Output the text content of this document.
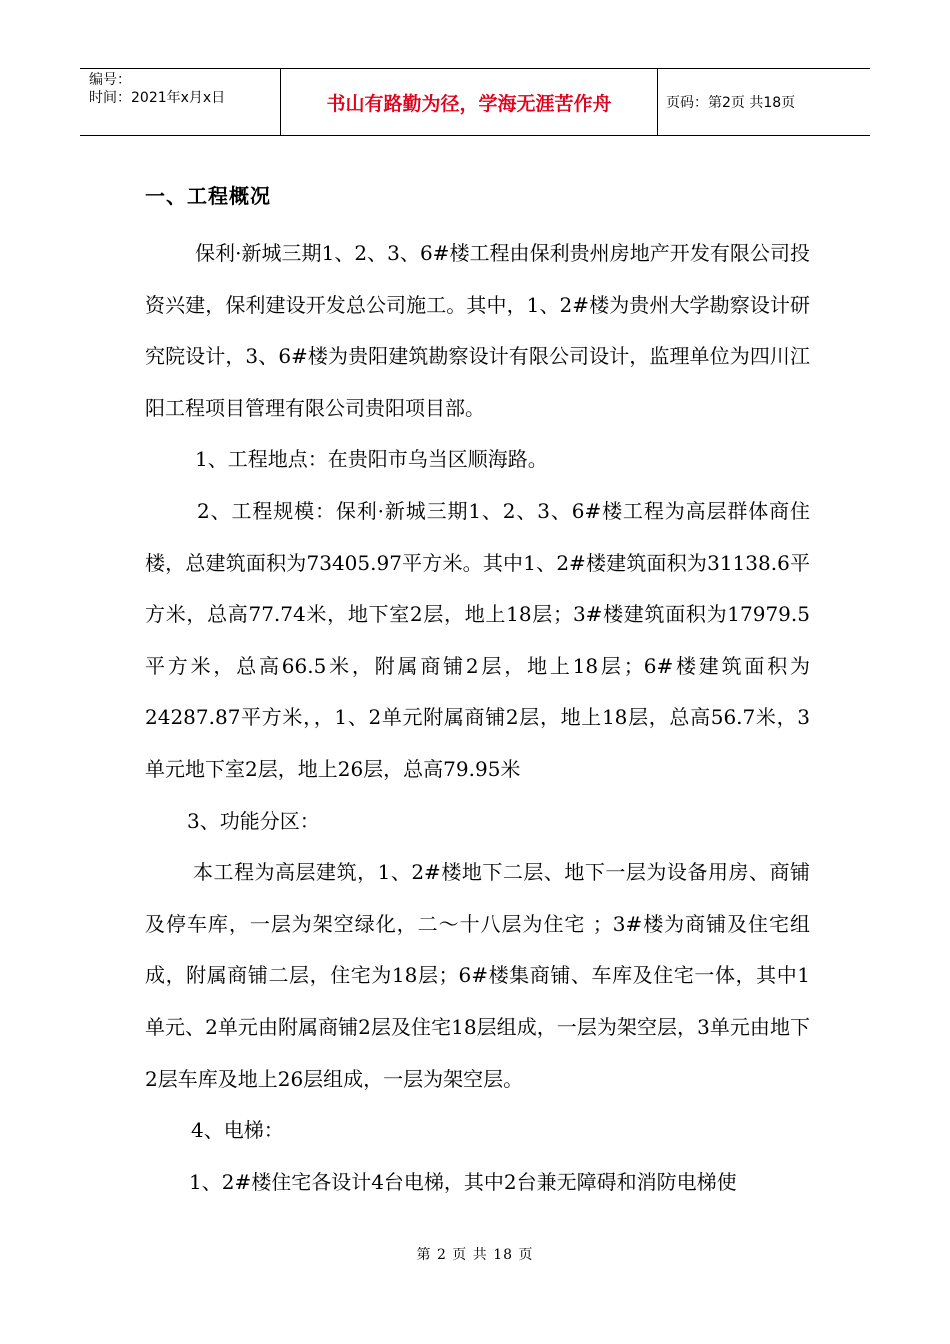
编号：
时间：2021年x月x日	书山有路勤为径，学海无涯苦作舟	页码：第2页 共18页
一、工程概况

保利·新城三期1、2、3、6#楼工程由保利贵州房地产开发有限公司投资兴建，保利建设开发总公司施工。其中，1、2#楼为贵州大学勘察设计研究院设计，3、6#楼为贵阳建筑勘察设计有限公司设计，监理单位为四川江阳工程项目管理有限公司贵阳项目部。

1、工程地点：在贵阳市乌当区顺海路。

2、工程规模：保利·新城三期1、2、3、6#楼工程为高层群体商住楼，总建筑面积为73405.97平方米。其中1、2#楼建筑面积为31138.6平方米，总高77.74米，地下室2层，地上18层；3#楼建筑面积为17979.5平方米，总高66.5米，附属商铺2层，地上18层；6#楼建筑面积为24287.87平方米，，1、2单元附属商铺2层，地上18层，总高56.7米，3单元地下室2层，地上26层，总高79.95米

3、功能分区：

本工程为高层建筑，1、2#楼地下二层、地下一层为设备用房、商铺及停车库，一层为架空绿化，二～十八层为住宅 ；3#楼为商铺及住宅组成，附属商铺二层，住宅为18层；6#楼集商铺、车库及住宅一体，其中1单元、2单元由附属商铺2层及住宅18层组成，一层为架空层，3单元由地下2层车库及地上26层组成，一层为架空层。

4、电梯：

1、2#楼住宅各设计4台电梯，其中2台兼无障碍和消防电梯使

第 2 页 共 18 页
